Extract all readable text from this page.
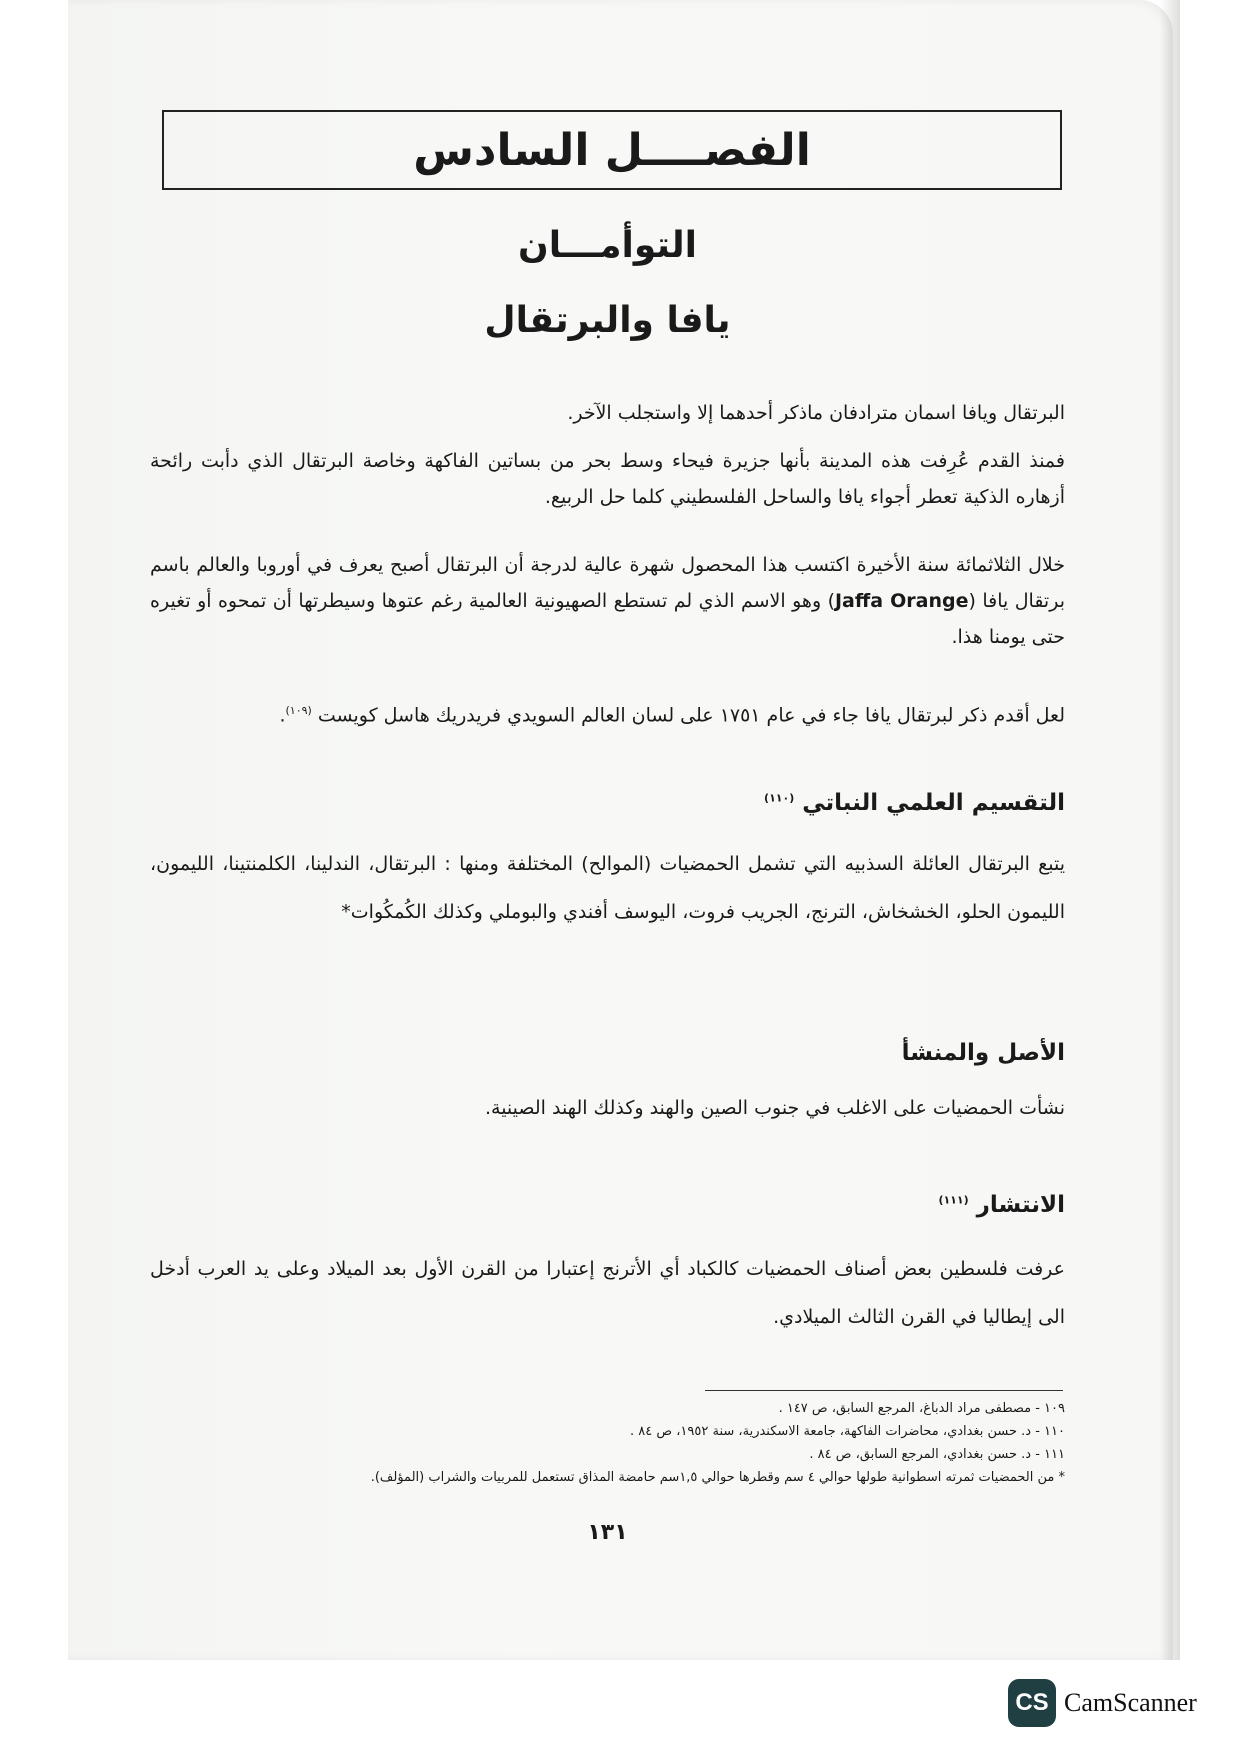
الفصــــل السادس
التوأمـــان
يافا والبرتقال
البرتقال ويافا اسمان مترادفان ماذكر أحدهما إلا واستجلب الآخر.
فمنذ القدم عُرِفت هذه المدينة بأنها جزيرة فيحاء وسط بحر من بساتين الفاكهة وخاصة البرتقال الذي دأبت رائحة أزهاره الذكية تعطر أجواء يافا والساحل الفلسطيني كلما حل الربيع.
خلال الثلاثمائة سنة الأخيرة اكتسب هذا المحصول شهرة عالية لدرجة أن البرتقال أصبح يعرف في أوروبا والعالم باسم برتقال يافا (Jaffa Orange) وهو الاسم الذي لم تستطع الصهيونية العالمية رغم عتوها وسيطرتها أن تمحوه أو تغيره حتى يومنا هذا.
لعل أقدم ذكر لبرتقال يافا جاء في عام ١٧٥١ على لسان العالم السويدي فريدريك هاسل كويست $^{(١٠٩)}$.
التقسيم العلمي النباتي $^{(١١٠)}$
يتبع البرتقال العائلة السذبيه التي تشمل الحمضيات (الموالح) المختلفة ومنها : البرتقال، الندلينا، الكلمنتينا، الليمون، الليمون الحلو، الخشخاش، الترنج، الجريب فروت، اليوسف أفندي والبوملي وكذلك الكُمكُوات*
الأصل والمنشأ
نشأت الحمضيات على الاغلب في جنوب الصين والهند وكذلك الهند الصينية.
الانتشار $^{(١١١)}$
عرفت فلسطين بعض أصناف الحمضيات كالكباد أي الأترنج إعتبارا من القرن الأول بعد الميلاد وعلى يد العرب أدخل الى إيطاليا في القرن الثالث الميلادي.
١٠٩ - مصطفى مراد الدباغ، المرجع السابق، ص ١٤٧ .
١١٠ - د. حسن بغدادي، محاضرات الفاكهة، جامعة الاسكندرية، سنة ١٩٥٢، ص ٨٤ .
١١١ - د. حسن بغدادي، المرجع السابق، ص ٨٤ .
* من الحمضيات ثمرته اسطوانية طولها حوالي ٤ سم وقطرها حوالي ١,٥سم حامضة المذاق تستعمل للمربيات والشراب (المؤلف).
١٣١
CS CamScanner
